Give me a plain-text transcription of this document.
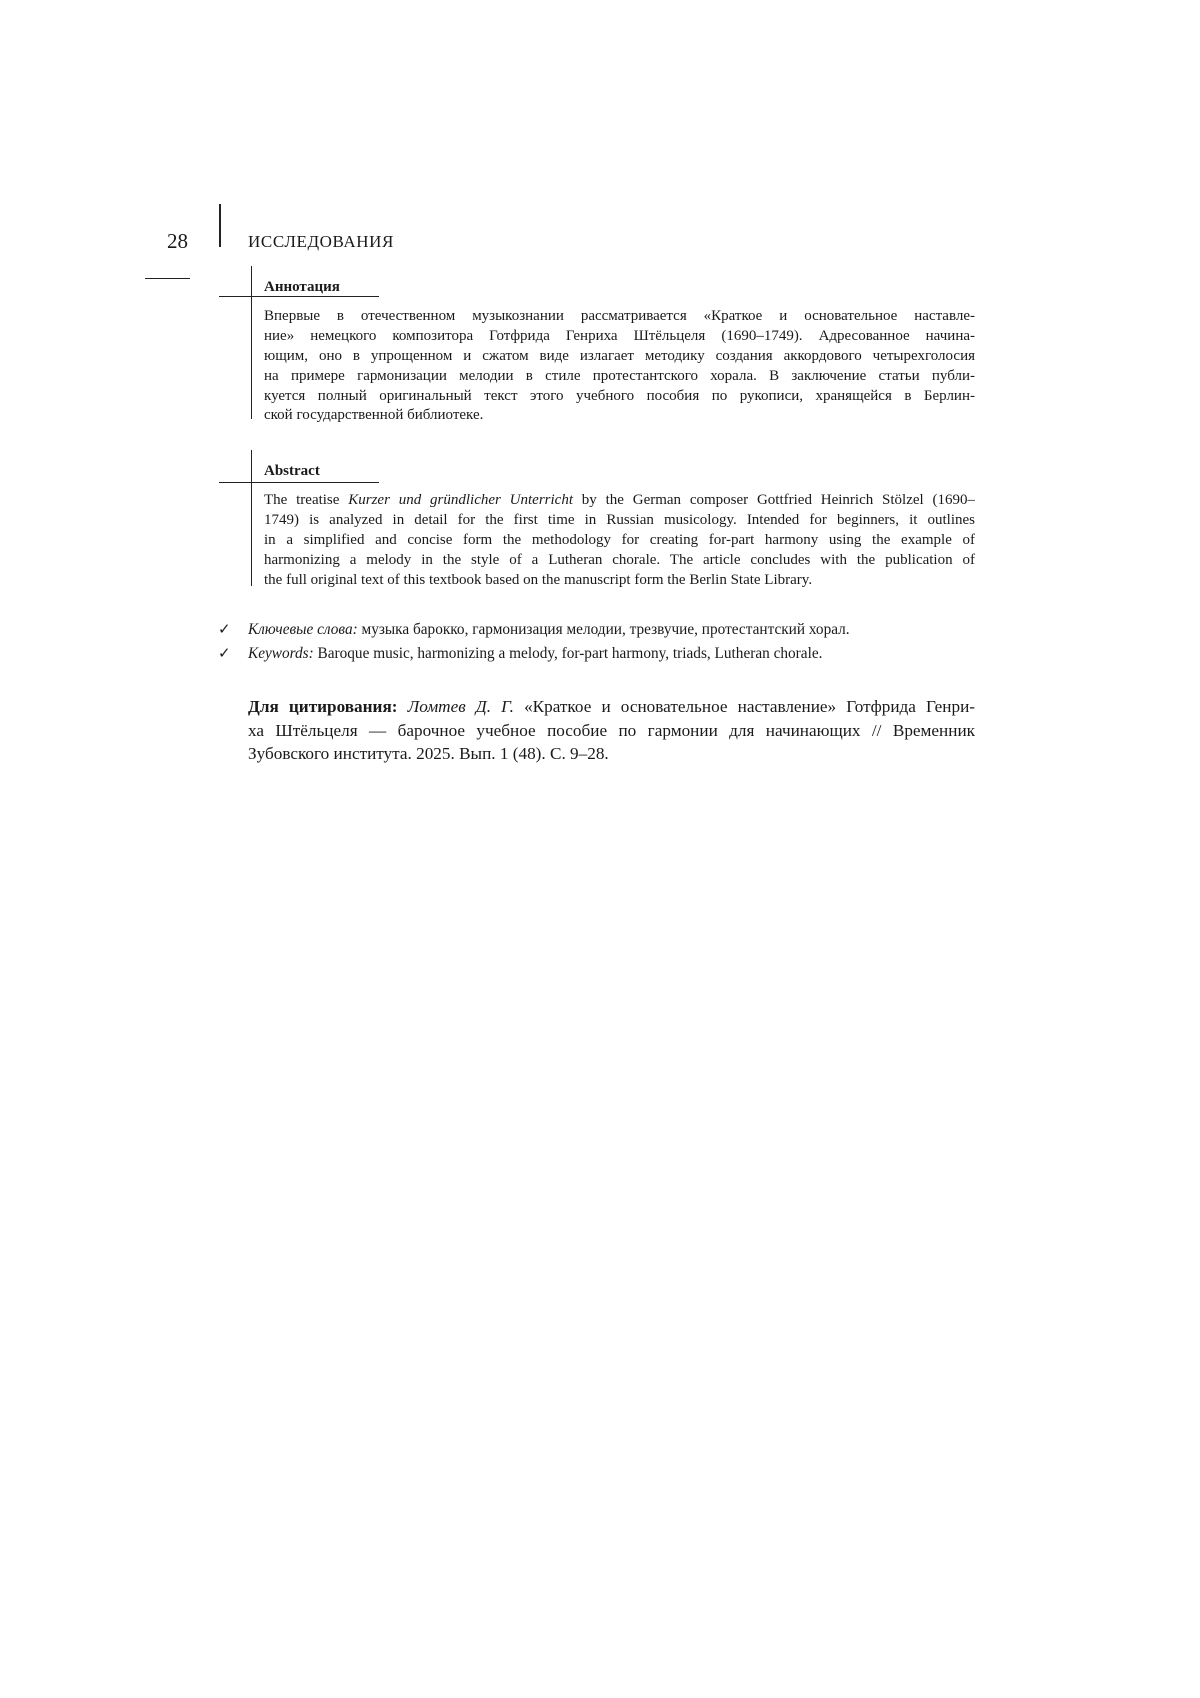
28	ИССЛЕДОВАНИЯ
Аннотация
Впервые в отечественном музыкознании рассматривается «Краткое и основательное наставле-
ние» немецкого композитора Готфрида Генриха Штёльцеля (1690–1749). Адресованное начина-
ющим, оно в упрощенном и сжатом виде излагает методику создания аккордового четырехголосия
на примере гармонизации мелодии в стиле протестантского хорала. В заключение статьи публи-
куется полный оригинальный текст этого учебного пособия по рукописи, хранящейся в Берлин-
ской государственной библиотеке.
Abstract
The treatise Kurzer und gründlicher Unterricht by the German composer Gottfried Heinrich Stölzel (1690–
1749) is analyzed in detail for the first time in Russian musicology. Intended for beginners, it outlines
in a simplified and concise form the methodology for creating for-part harmony using the example of
harmonizing a melody in the style of a Lutheran chorale. The article concludes with the publication of
the full original text of this textbook based on the manuscript form the Berlin State Library.
✓ Ключевые слова: музыка барокко, гармонизация мелодии, трезвучие, протестантский хорал.
✓ Keywords: Baroque music, harmonizing a melody, for-part harmony, triads, Lutheran chorale.
Для цитирования: Ломтев Д. Г. «Краткое и основательное наставление» Готфрида Генри-
ха Штёльцеля — барочное учебное пособие по гармонии для начинающих // Временник
Зубовского института. 2025. Вып. 1 (48). С. 9–28.
